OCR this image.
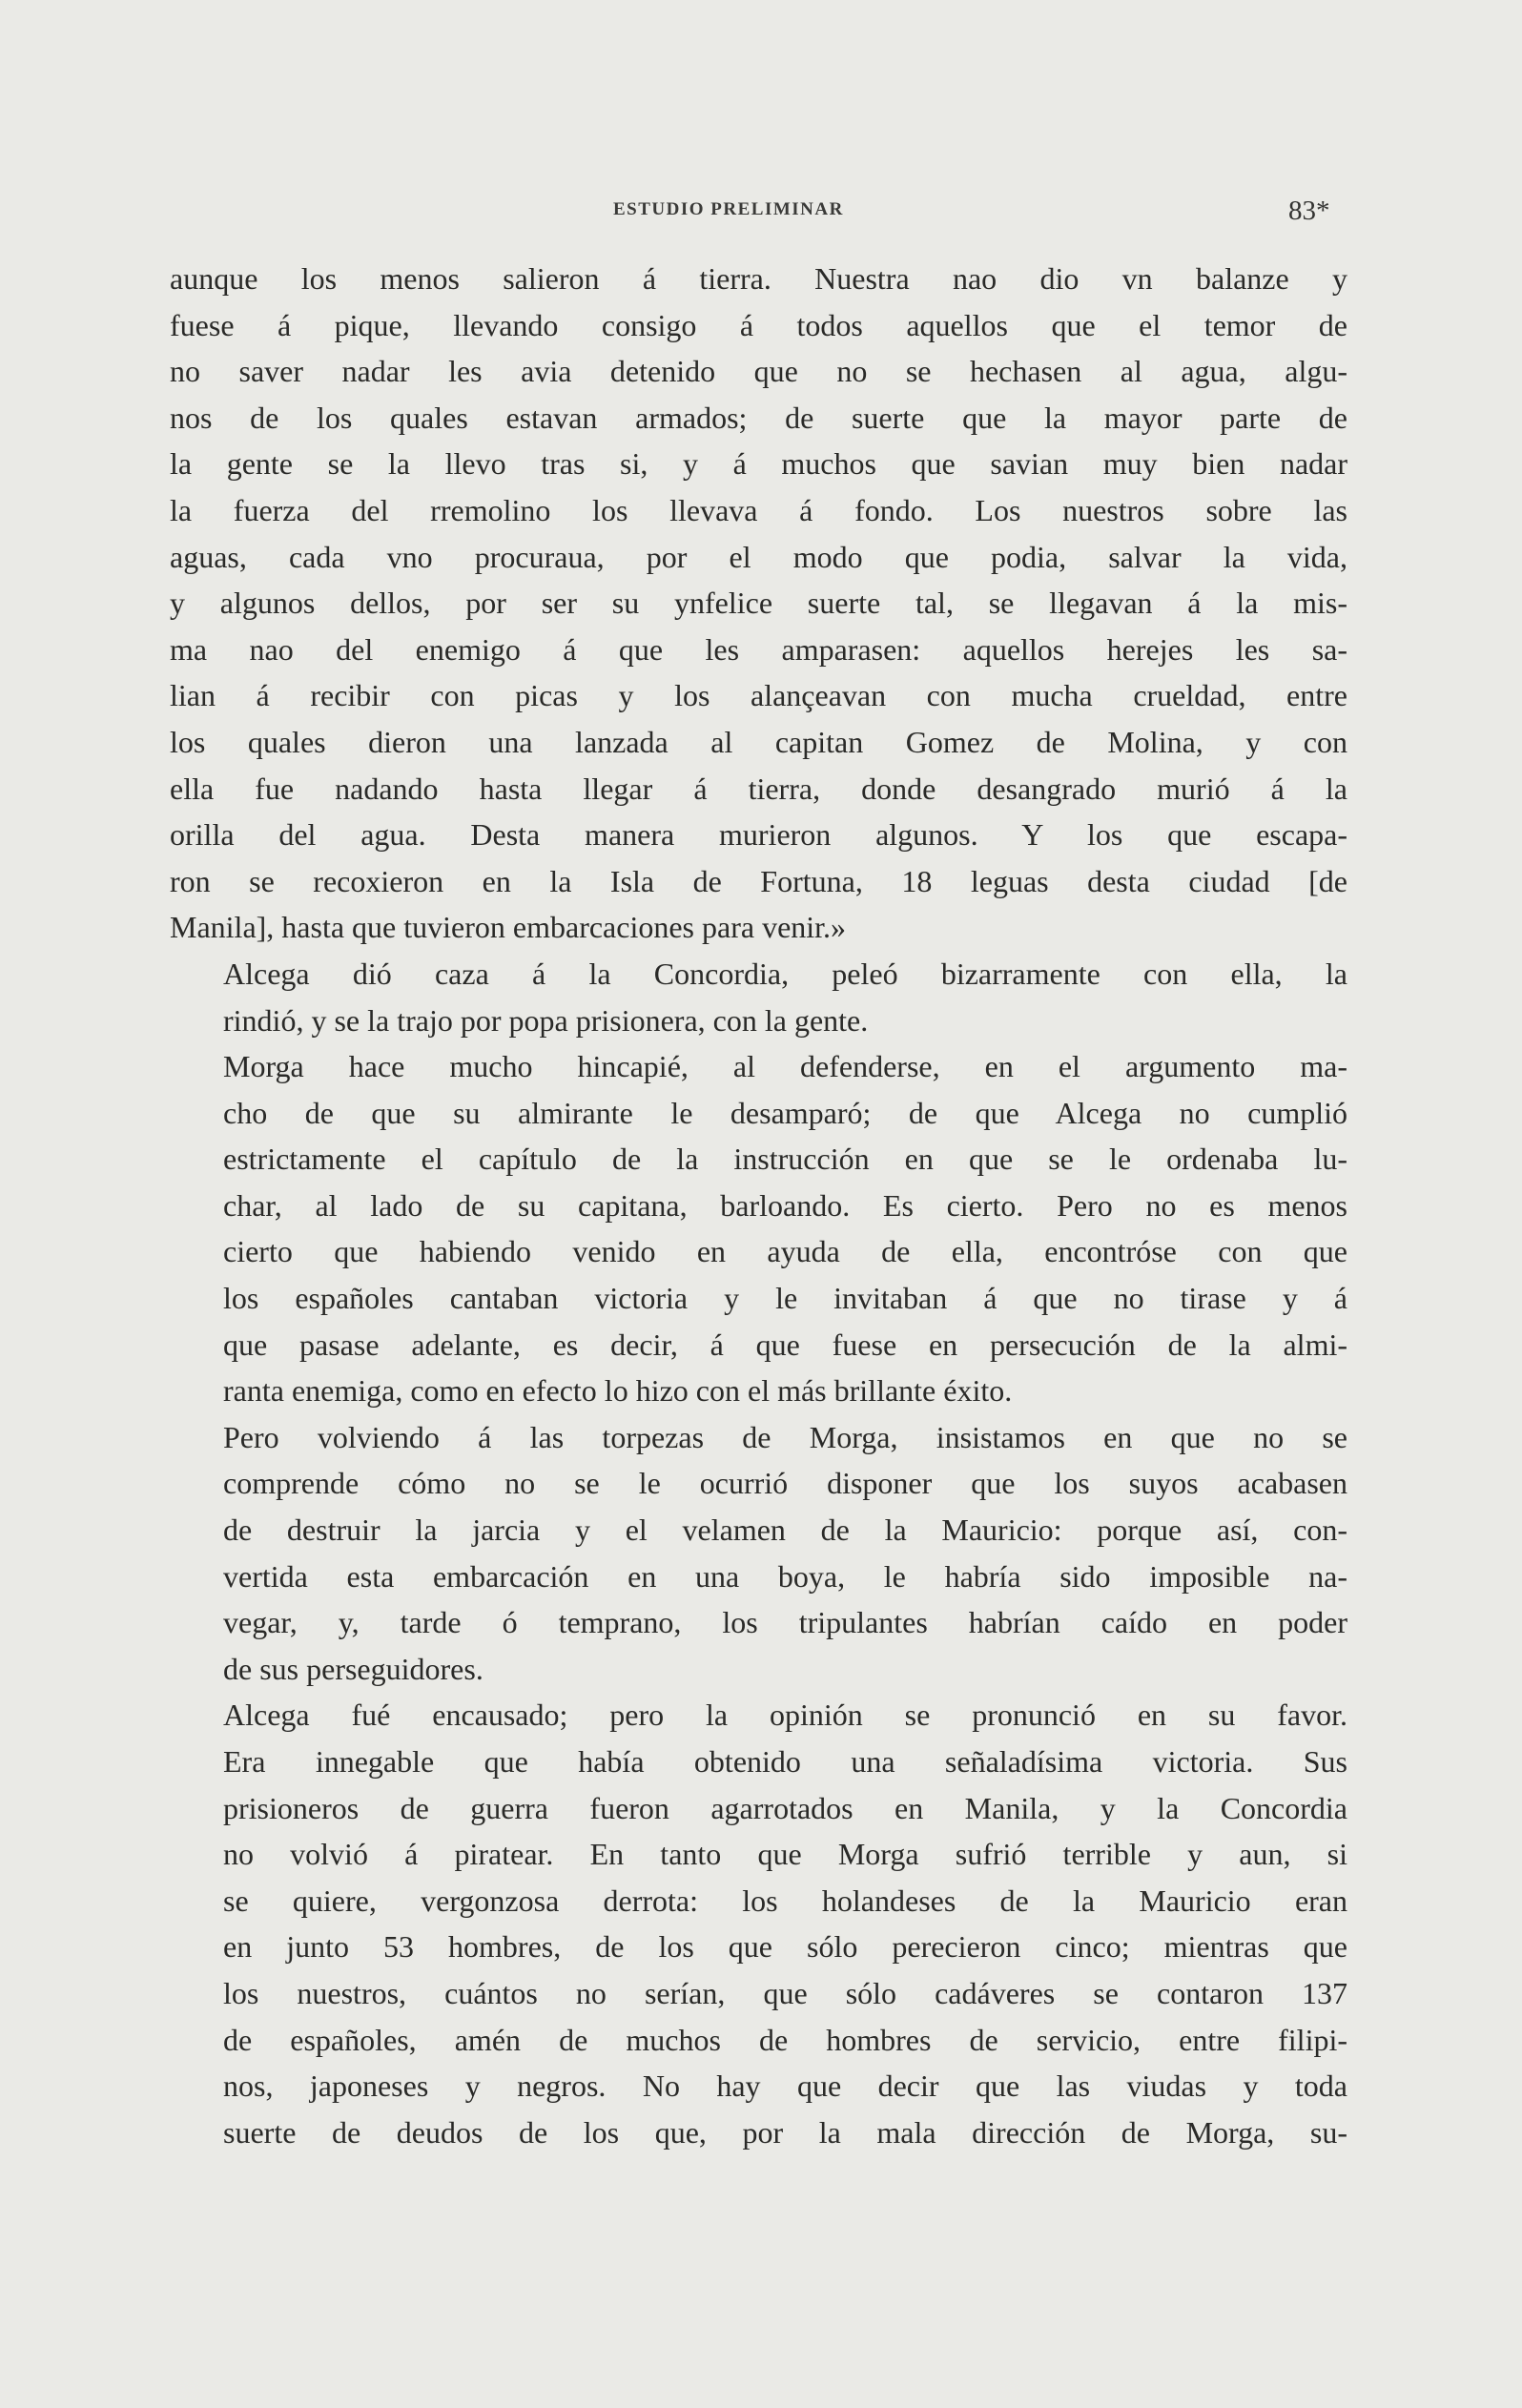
ESTUDIO PRELIMINAR	83*

aunque los menos salieron á tierra. Nuestra nao dio vn balanze y
fuese á pique, llevando consigo á todos aquellos que el temor de
no saver nadar les avia detenido que no se hechasen al agua, algu-
nos de los quales estavan armados; de suerte que la mayor parte de
la gente se la llevo tras si, y á muchos que savian muy bien nadar
la fuerza del rremolino los llevava á fondo. Los nuestros sobre las
aguas, cada vno procuraua, por el modo que podia, salvar la vida,
y algunos dellos, por ser su ynfelice suerte tal, se llegavan á la mis-
ma nao del enemigo á que les amparasen: aquellos herejes les sa-
lian á recibir con picas y los alançeavan con mucha crueldad, entre
los quales dieron una lanzada al capitan Gomez de Molina, y con
ella fue nadando hasta llegar á tierra, donde desangrado murió á la
orilla del agua. Desta manera murieron algunos. Y los que escapa-
ron se recoxieron en la Isla de Fortuna, 18 leguas desta ciudad [de
Manila], hasta que tuvieron embarcaciones para venir.»

Alcega dió caza á la Concordia, peleó bizarramente con ella, la
rindió, y se la trajo por popa prisionera, con la gente.

Morga hace mucho hincapié, al defenderse, en el argumento ma-
cho de que su almirante le desamparó; de que Alcega no cumplió
estrictamente el capítulo de la instrucción en que se le ordenaba lu-
char, al lado de su capitana, barloando. Es cierto. Pero no es menos
cierto que habiendo venido en ayuda de ella, encontróse con que
los españoles cantaban victoria y le invitaban á que no tirase y á
que pasase adelante, es decir, á que fuese en persecución de la almi-
ranta enemiga, como en efecto lo hizo con el más brillante éxito.

Pero volviendo á las torpezas de Morga, insistamos en que no se
comprende cómo no se le ocurrió disponer que los suyos acabasen
de destruir la jarcia y el velamen de la Mauricio: porque así, con-
vertida esta embarcación en una boya, le habría sido imposible na-
vegar, y, tarde ó temprano, los tripulantes habrían caído en poder
de sus perseguidores.

Alcega fué encausado; pero la opinión se pronunció en su favor.
Era innegable que había obtenido una señaladísima victoria. Sus
prisioneros de guerra fueron agarrotados en Manila, y la Concordia
no volvió á piratear. En tanto que Morga sufrió terrible y aun, si
se quiere, vergonzosa derrota: los holandeses de la Mauricio eran
en junto 53 hombres, de los que sólo perecieron cinco; mientras que
los nuestros, cuántos no serían, que sólo cadáveres se contaron 137
de españoles, amén de muchos de hombres de servicio, entre filipi-
nos, japoneses y negros. No hay que decir que las viudas y toda
suerte de deudos de los que, por la mala dirección de Morga, su-
